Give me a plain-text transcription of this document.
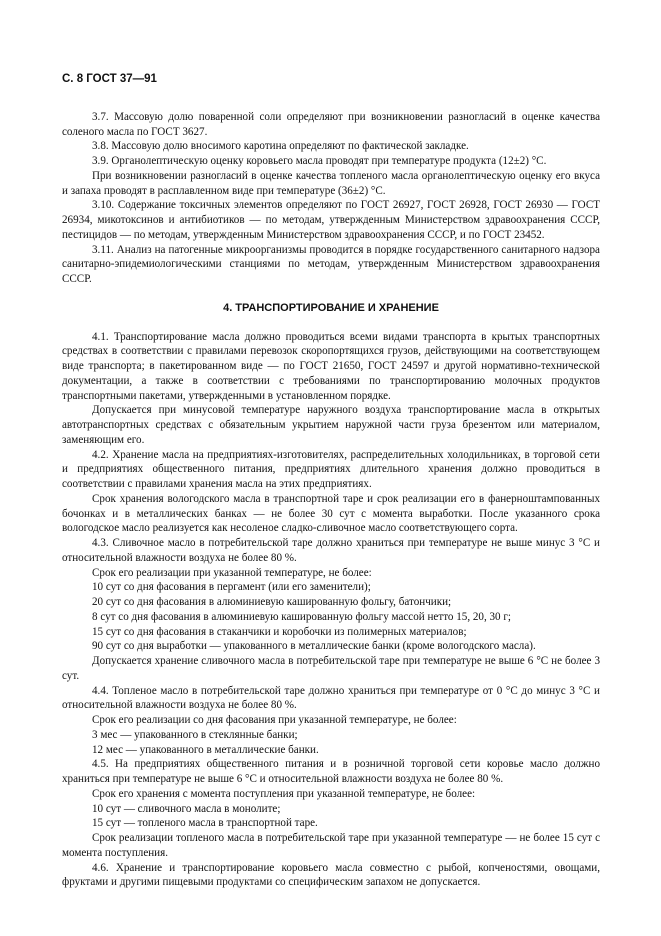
С. 8 ГОСТ 37—91

3.7. Массовую долю поваренной соли определяют при возникновении разногласий в оценке качества соленого масла по ГОСТ 3627.

3.8. Массовую долю вносимого каротина определяют по фактической закладке.

3.9. Органолептическую оценку коровьего масла проводят при температуре продукта (12±2) °С.

При возникновении разногласий в оценке качества топленого масла органолептическую оценку его вкуса и запаха проводят в расплавленном виде при температуре (36±2) °С.

3.10. Содержание токсичных элементов определяют по ГОСТ 26927, ГОСТ 26928, ГОСТ 26930 — ГОСТ 26934, микотоксинов и антибиотиков — по методам, утвержденным Министерством здравоохранения СССР, пестицидов — по методам, утвержденным Министерством здравоохранения СССР, и по ГОСТ 23452.

3.11. Анализ на патогенные микроорганизмы проводится в порядке государственного санитарного надзора санитарно-эпидемиологическими станциями по методам, утвержденным Министерством здравоохранения СССР.

4. ТРАНСПОРТИРОВАНИЕ И ХРАНЕНИЕ

4.1. Транспортирование масла должно проводиться всеми видами транспорта в крытых транспортных средствах в соответствии с правилами перевозок скоропортящихся грузов, действующими на соответствующем виде транспорта; в пакетированном виде — по ГОСТ 21650, ГОСТ 24597 и другой нормативно-технической документации, а также в соответствии с требованиями по транспортированию молочных продуктов транспортными пакетами, утвержденными в установленном порядке.

Допускается при минусовой температуре наружного воздуха транспортирование масла в открытых автотранспортных средствах с обязательным укрытием наружной части груза брезентом или материалом, заменяющим его.

4.2. Хранение масла на предприятиях-изготовителях, распределительных холодильниках, в торговой сети и предприятиях общественного питания, предприятиях длительного хранения должно проводиться в соответствии с правилами хранения масла на этих предприятиях.

Срок хранения вологодского масла в транспортной таре и срок реализации его в фанерноштампованных бочонках и в металлических банках — не более 30 сут с момента выработки. После указанного срока вологодское масло реализуется как несоленое сладко-сливочное масло соответствующего сорта.

4.3. Сливочное масло в потребительской таре должно храниться при температуре не выше минус 3 °С и относительной влажности воздуха не более 80 %.

Срок его реализации при указанной температуре, не более:

10 сут со дня фасования в пергамент (или его заменители);

20 сут со дня фасования в алюминиевую кашированную фольгу, батончики;

8 сут со дня фасования в алюминиевую кашированную фольгу массой нетто 15, 20, 30 г;

15 сут со дня фасования в стаканчики и коробочки из полимерных материалов;

90 сут со дня выработки — упакованного в металлические банки (кроме вологодского масла).

Допускается хранение сливочного масла в потребительской таре при температуре не выше 6 °С не более 3 сут.

4.4. Топленое масло в потребительской таре должно храниться при температуре от 0 °С до минус 3 °С и относительной влажности воздуха не более 80 %.

Срок его реализации со дня фасования при указанной температуре, не более:

3 мес — упакованного в стеклянные банки;

12 мес — упакованного в металлические банки.

4.5. На предприятиях общественного питания и в розничной торговой сети коровье масло должно храниться при температуре не выше 6 °С и относительной влажности воздуха не более 80 %.

Срок его хранения с момента поступления при указанной температуре, не более:

10 сут — сливочного масла в монолите;

15 сут — топленого масла в транспортной таре.

Срок реализации топленого масла в потребительской таре при указанной температуре — не более 15 сут с момента поступления.

4.6. Хранение и транспортирование коровьего масла совместно с рыбой, копченостями, овощами, фруктами и другими пищевыми продуктами со специфическим запахом не допускается.
